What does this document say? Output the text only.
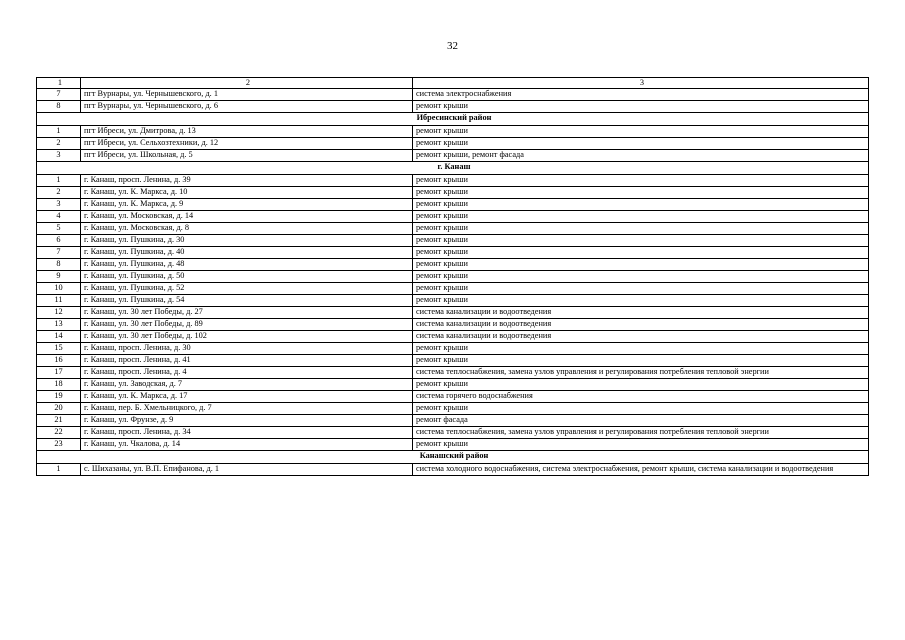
32
1	2	3
7	пгт Вурнары, ул. Чернышевского, д. 1	система электроснабжения
8	пгт Вурнары, ул. Чернышевского, д. 6	ремонт крыши
Ибресинский район		
1	пгт Ибреси, ул. Дмитрова, д. 13	ремонт крыши
2	пгт Ибреси, ул. Сельхозтехники, д. 12	ремонт крыши
3	пгт Ибреси, ул. Школьная, д. 5	ремонт крыши, ремонт фасада
г. Канаш		
1	г. Канаш, просп. Ленина, д. 39	ремонт крыши
2	г. Канаш, ул. К. Маркса, д. 10	ремонт крыши
3	г. Канаш, ул. К. Маркса, д. 9	ремонт крыши
4	г. Канаш, ул. Московская, д. 14	ремонт крыши
5	г. Канаш, ул. Московская, д. 8	ремонт крыши
6	г. Канаш, ул. Пушкина, д. 30	ремонт крыши
7	г. Канаш, ул. Пушкина, д. 40	ремонт крыши
8	г. Канаш, ул. Пушкина, д. 48	ремонт крыши
9	г. Канаш, ул. Пушкина, д. 50	ремонт крыши
10	г. Канаш, ул. Пушкина, д. 52	ремонт крыши
11	г. Канаш, ул. Пушкина, д. 54	ремонт крыши
12	г. Канаш, ул. 30 лет Победы, д. 27	система канализации и водоотведения
13	г. Канаш, ул. 30 лет Победы, д. 89	система канализации и водоотведения
14	г. Канаш, ул. 30 лет Победы, д. 102	система канализации и водоотведения
15	г. Канаш, просп. Ленина, д. 30	ремонт крыши
16	г. Канаш, просп. Ленина, д. 41	ремонт крыши
17	г. Канаш, просп. Ленина, д. 4	система теплоснабжения, замена узлов управления и регулирования потребления тепловой энергии
18	г. Канаш, ул. Заводская, д. 7	ремонт крыши
19	г. Канаш, ул. К. Маркса, д. 17	система горячего водоснабжения
20	г. Канаш, пер. Б. Хмельницкого, д. 7	ремонт крыши
21	г. Канаш, ул. Фрунзе, д. 9	ремонт фасада
22	г. Канаш, просп. Ленина, д. 34	система теплоснабжения, замена узлов управления и регулирования потребления тепловой энергии
23	г. Канаш, ул. Чкалова, д. 14	ремонт крыши
Канашский район		
1	с. Шихазаны, ул. В.П. Епифанова, д. 1	система холодного водоснабжения, система электроснабжения, ремонт крыши, система канализации и водоотведения
